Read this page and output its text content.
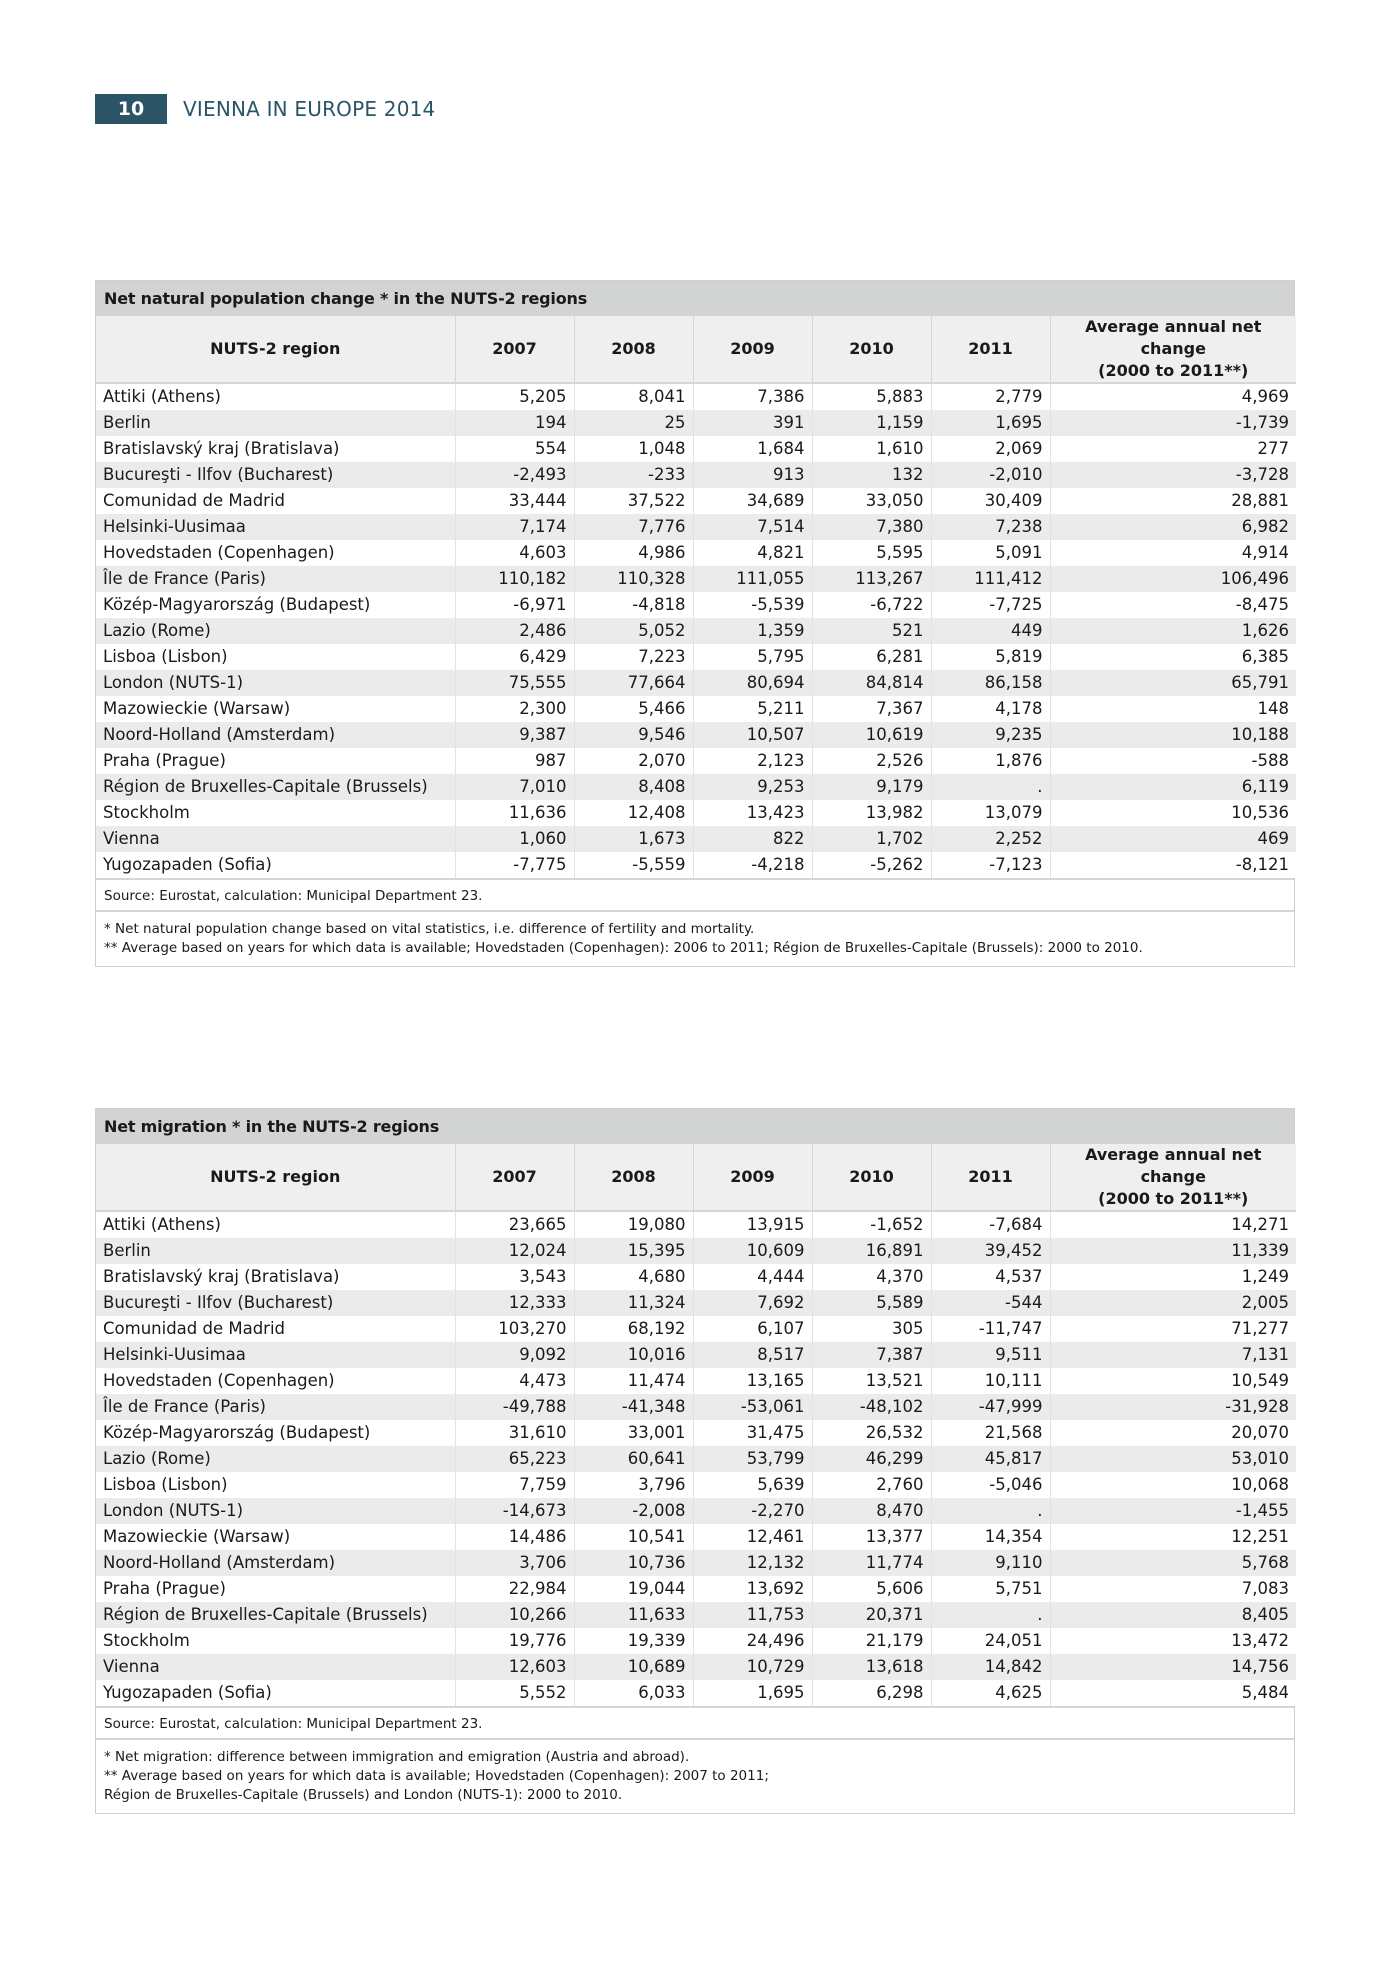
10	VIENNA IN EUROPE 2014
Net natural population change * in the NUTS-2 regions
NUTS-2 region	2007	2008	2009	2010	2011	Average annual net change
(2000 to 2011**)

Attiki (Athens)	5,205	8,041	7,386	5,883	2,779	4,969
Berlin	194	25	391	1,159	1,695	-1,739
Bratislavský kraj (Bratislava)	554	1,048	1,684	1,610	2,069	277
Bucureşti - Ilfov (Bucharest)	-2,493	-233	913	132	-2,010	-3,728
Comunidad de Madrid	33,444	37,522	34,689	33,050	30,409	28,881
Helsinki-Uusimaa	7,174	7,776	7,514	7,380	7,238	6,982
Hovedstaden (Copenhagen)	4,603	4,986	4,821	5,595	5,091	4,914
Île de France (Paris)	110,182	110,328	111,055	113,267	111,412	106,496
Közép-Magyarország (Budapest)	-6,971	-4,818	-5,539	-6,722	-7,725	-8,475
Lazio (Rome)	2,486	5,052	1,359	521	449	1,626
Lisboa (Lisbon)	6,429	7,223	5,795	6,281	5,819	6,385
London (NUTS-1)	75,555	77,664	80,694	84,814	86,158	65,791
Mazowieckie (Warsaw)	2,300	5,466	5,211	7,367	4,178	148
Noord-Holland (Amsterdam)	9,387	9,546	10,507	10,619	9,235	10,188
Praha (Prague)	987	2,070	2,123	2,526	1,876	-588
Région de Bruxelles-Capitale (Brussels)	7,010	8,408	9,253	9,179	.	6,119
Stockholm	11,636	12,408	13,423	13,982	13,079	10,536
Vienna	1,060	1,673	822	1,702	2,252	469
Yugozapaden (Sofia)	-7,775	-5,559	-4,218	-5,262	-7,123	-8,121
Source: Eurostat, calculation: Municipal Department 23.
* Net natural population change based on vital statistics, i.e. difference of fertility and mortality.
** Average based on years for which data is available; Hovedstaden (Copenhagen): 2006 to 2011; Région de Bruxelles-Capitale (Brussels): 2000 to 2010.
Net migration * in the NUTS-2 regions
NUTS-2 region	2007	2008	2009	2010	2011	Average annual net change
(2000 to 2011**)

Attiki (Athens)	23,665	19,080	13,915	-1,652	-7,684	14,271
Berlin	12,024	15,395	10,609	16,891	39,452	11,339
Bratislavský kraj (Bratislava)	3,543	4,680	4,444	4,370	4,537	1,249
Bucureşti - Ilfov (Bucharest)	12,333	11,324	7,692	5,589	-544	2,005
Comunidad de Madrid	103,270	68,192	6,107	305	-11,747	71,277
Helsinki-Uusimaa	9,092	10,016	8,517	7,387	9,511	7,131
Hovedstaden (Copenhagen)	4,473	11,474	13,165	13,521	10,111	10,549
Île de France (Paris)	-49,788	-41,348	-53,061	-48,102	-47,999	-31,928
Közép-Magyarország (Budapest)	31,610	33,001	31,475	26,532	21,568	20,070
Lazio (Rome)	65,223	60,641	53,799	46,299	45,817	53,010
Lisboa (Lisbon)	7,759	3,796	5,639	2,760	-5,046	10,068
London (NUTS-1)	-14,673	-2,008	-2,270	8,470	.	-1,455
Mazowieckie (Warsaw)	14,486	10,541	12,461	13,377	14,354	12,251
Noord-Holland (Amsterdam)	3,706	10,736	12,132	11,774	9,110	5,768
Praha (Prague)	22,984	19,044	13,692	5,606	5,751	7,083
Région de Bruxelles-Capitale (Brussels)	10,266	11,633	11,753	20,371	.	8,405
Stockholm	19,776	19,339	24,496	21,179	24,051	13,472
Vienna	12,603	10,689	10,729	13,618	14,842	14,756
Yugozapaden (Sofia)	5,552	6,033	1,695	6,298	4,625	5,484
Source: Eurostat, calculation: Municipal Department 23.
* Net migration: difference between immigration and emigration (Austria and abroad).
** Average based on years for which data is available; Hovedstaden (Copenhagen): 2007 to 2011;
Région de Bruxelles-Capitale (Brussels) and London (NUTS-1): 2000 to 2010.
